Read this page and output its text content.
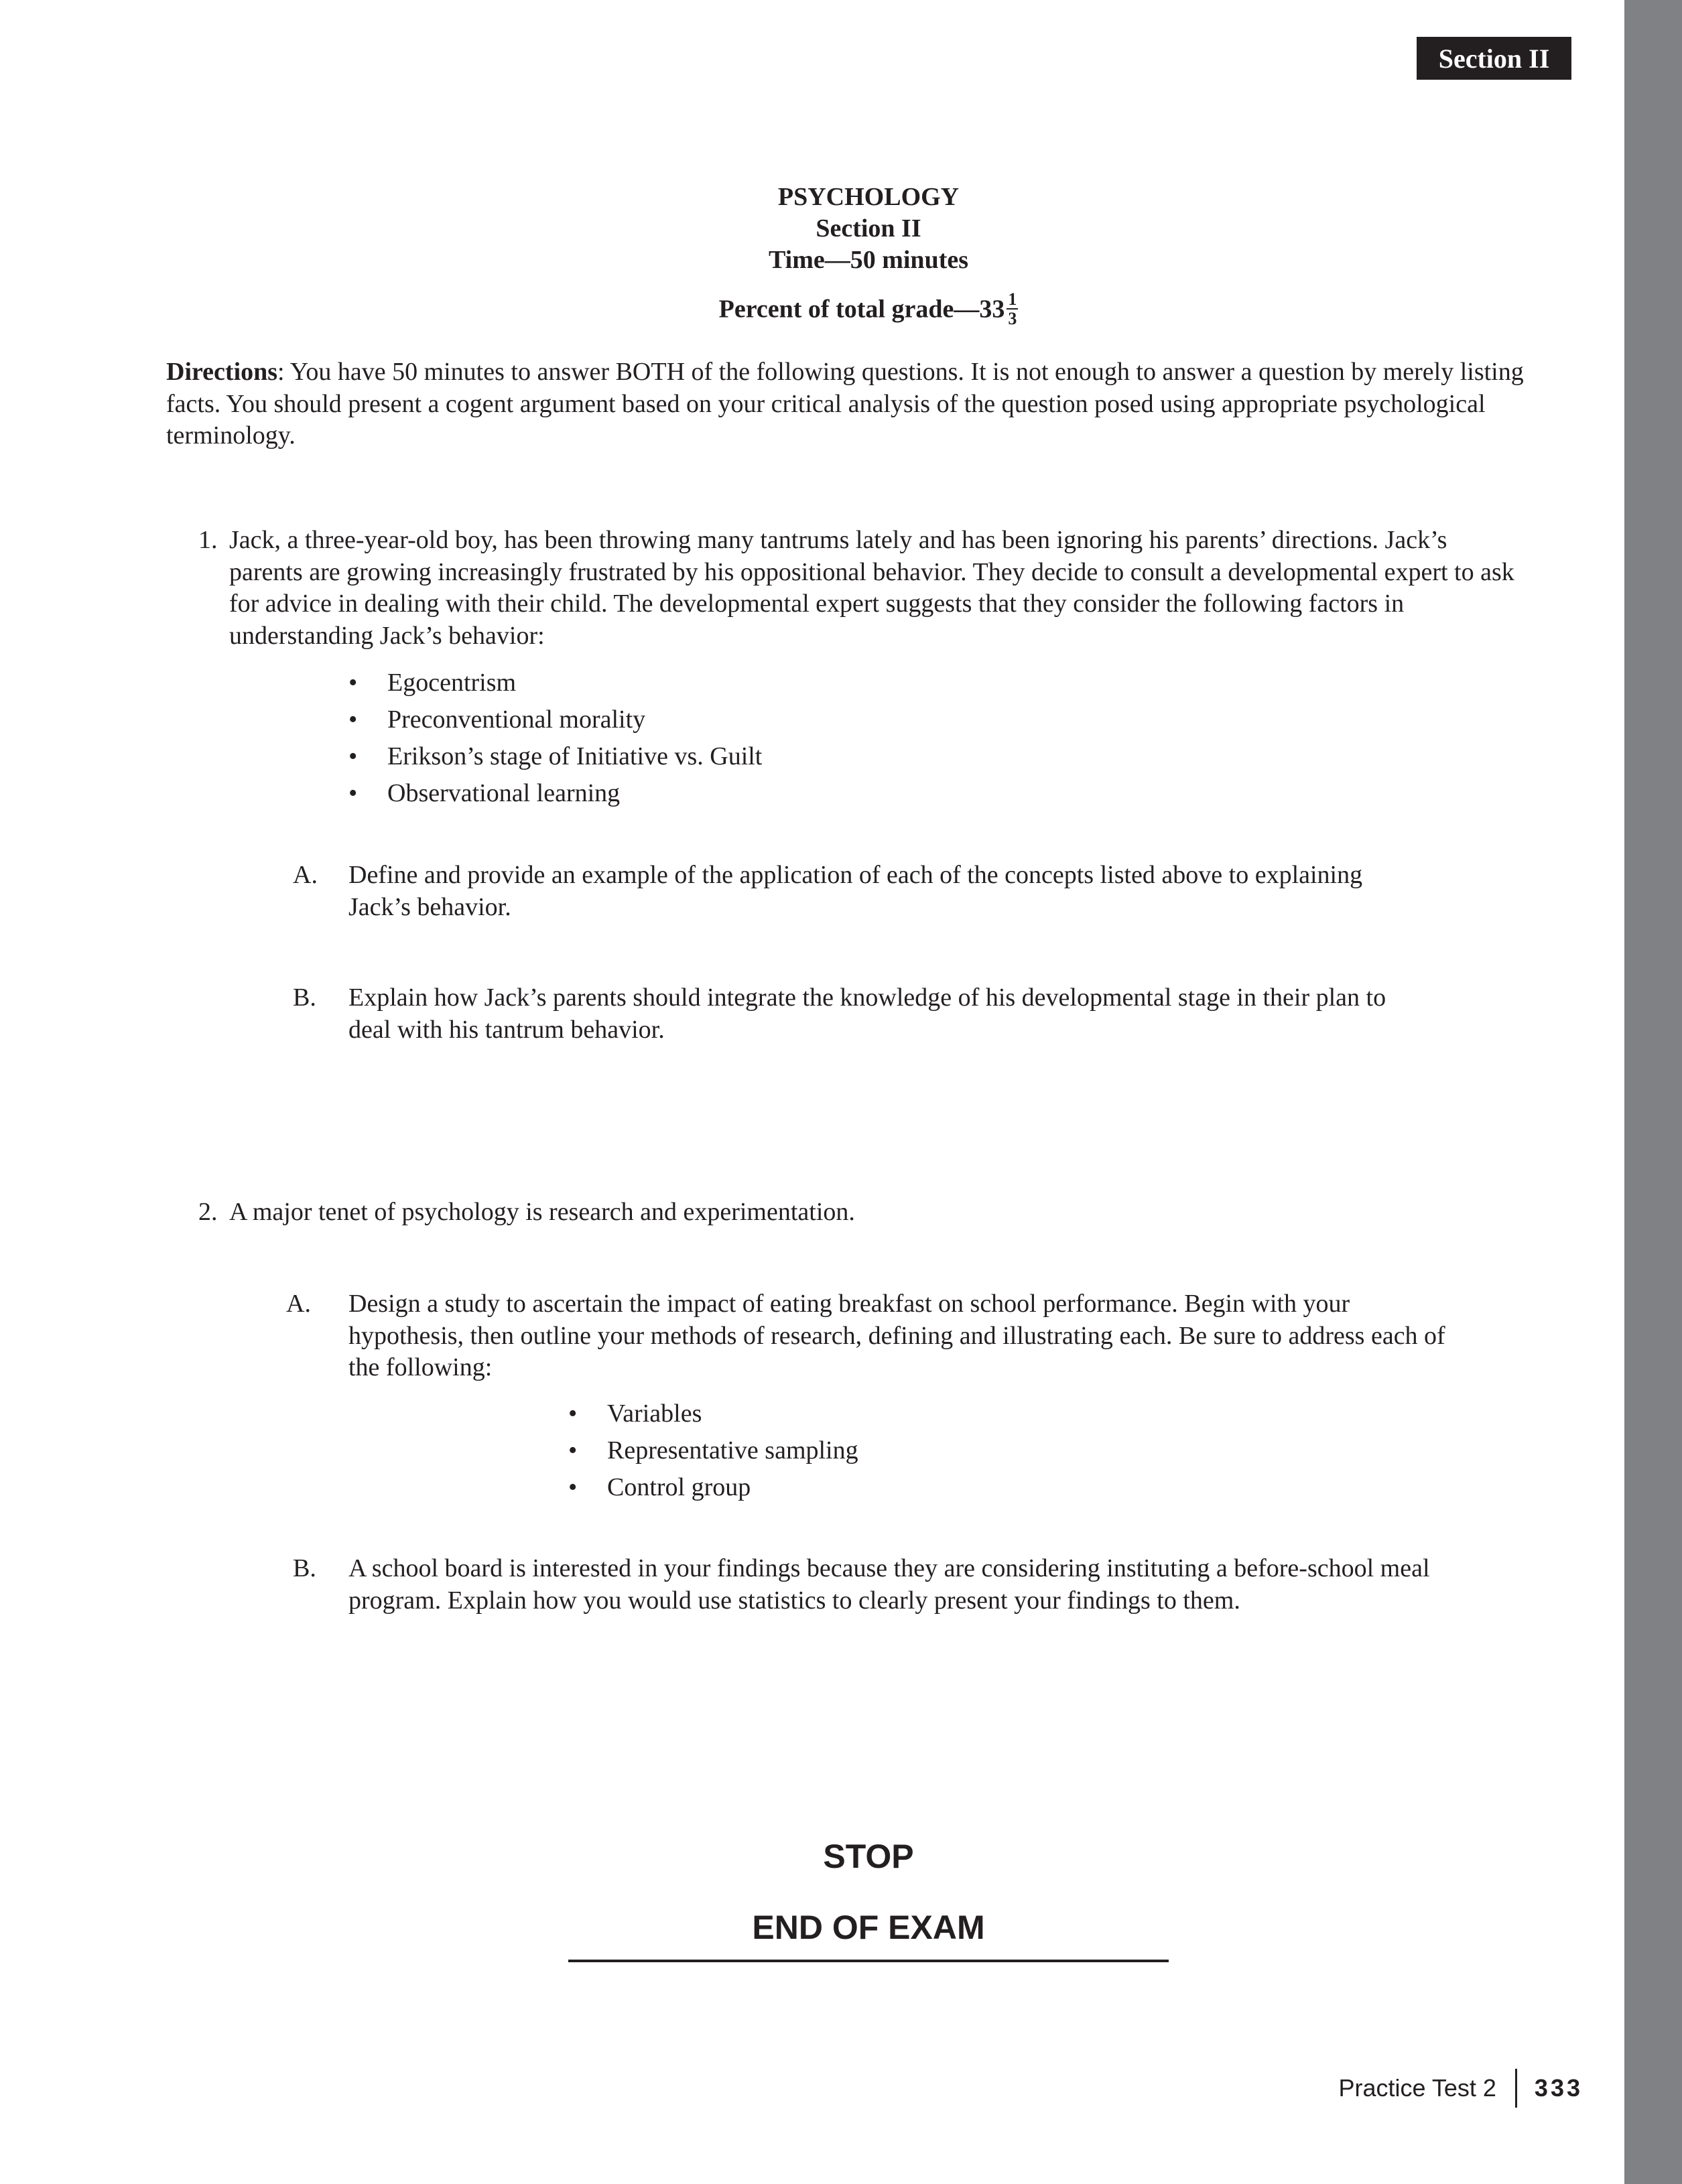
Section II
PSYCHOLOGY
Section II
Time—50 minutes
Percent of total grade—33 $\frac{1}{3}$

Directions: You have 50 minutes to answer BOTH of the following questions. It is not enough to answer a question by merely listing facts. You should present a cogent argument based on your critical analysis of the question posed using appropriate psychological terminology.

1. Jack, a three-year-old boy, has been throwing many tantrums lately and has been ignoring his parents’ directions. Jack’s parents are growing increasingly frustrated by his oppositional behavior. They decide to consult a developmental expert to ask for advice in dealing with their child. The developmental expert suggests that they consider the following factors in understanding Jack’s behavior:

• Egocentrism
• Preconventional morality
• Erikson’s stage of Initiative vs. Guilt
• Observational learning
A. Define and provide an example of the application of each of the concepts listed above to explaining Jack’s behavior.

B. Explain how Jack’s parents should integrate the knowledge of his developmental stage in their plan to deal with his tantrum behavior.

2. A major tenet of psychology is research and experimentation.

A. Design a study to ascertain the impact of eating breakfast on school performance. Begin with your hypothesis, then outline your methods of research, defining and illustrating each. Be sure to address each of the following:

• Variables
• Representative sampling
• Control group
B. A school board is interested in your findings because they are considering instituting a before-school meal program. Explain how you would use statistics to clearly present your findings to them.

STOP
END OF EXAM
Practice Test 2 333
